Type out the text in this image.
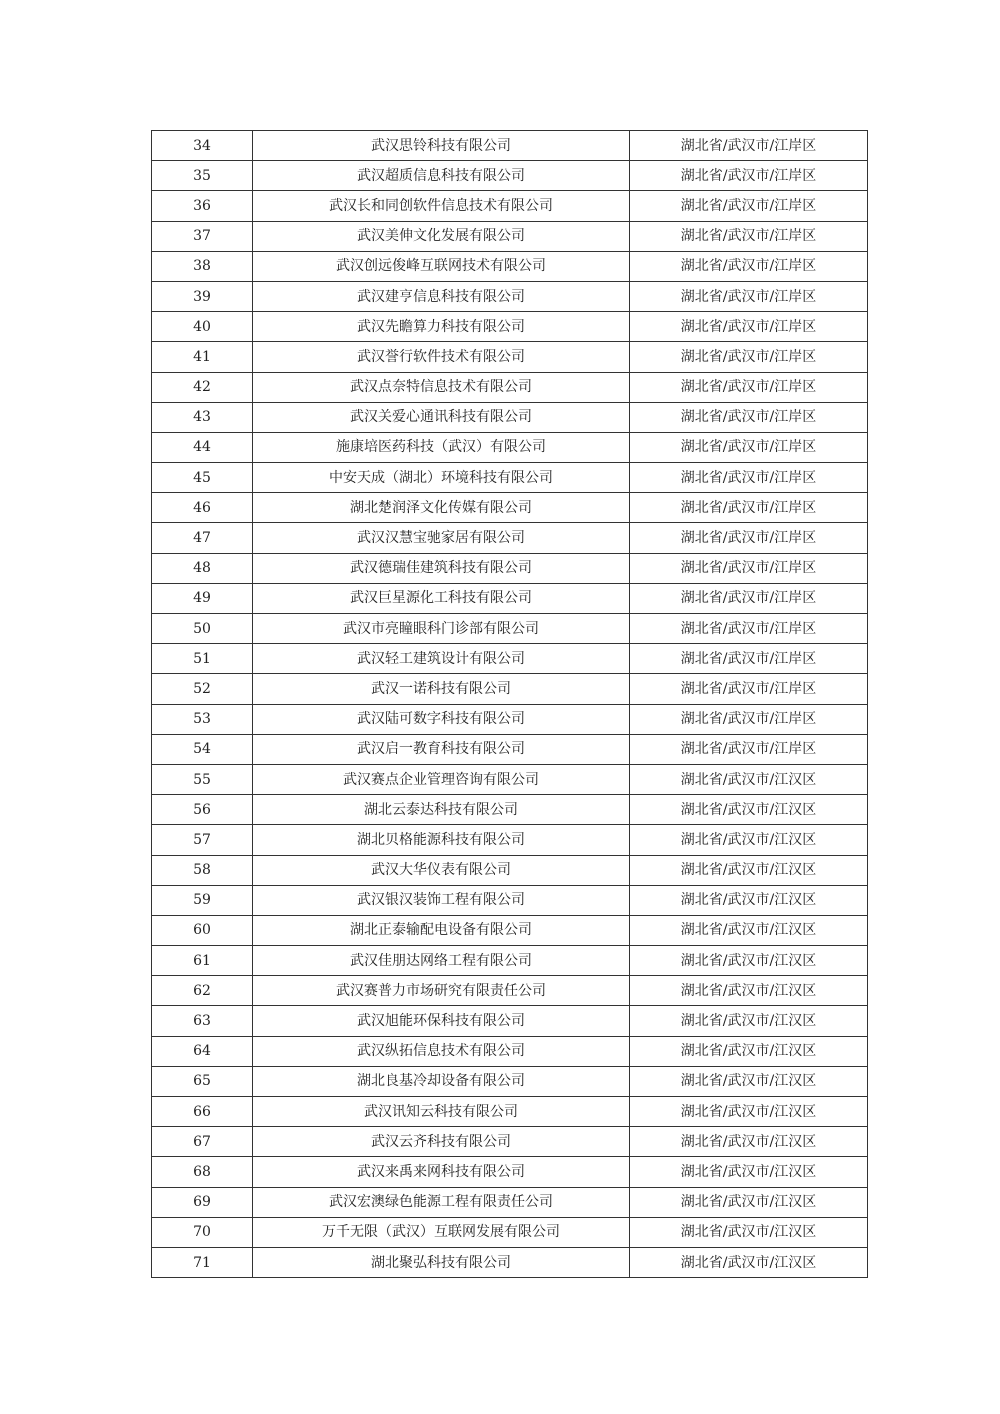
34	武汉思铃科技有限公司	湖北省/武汉市/江岸区
35	武汉超质信息科技有限公司	湖北省/武汉市/江岸区
36	武汉长和同创软件信息技术有限公司	湖北省/武汉市/江岸区
37	武汉美伸文化发展有限公司	湖北省/武汉市/江岸区
38	武汉创远俊峰互联网技术有限公司	湖北省/武汉市/江岸区
39	武汉建亨信息科技有限公司	湖北省/武汉市/江岸区
40	武汉先瞻算力科技有限公司	湖北省/武汉市/江岸区
41	武汉誉行软件技术有限公司	湖北省/武汉市/江岸区
42	武汉点奈特信息技术有限公司	湖北省/武汉市/江岸区
43	武汉关爱心通讯科技有限公司	湖北省/武汉市/江岸区
44	施康培医药科技（武汉）有限公司	湖北省/武汉市/江岸区
45	中安天成（湖北）环境科技有限公司	湖北省/武汉市/江岸区
46	湖北楚润泽文化传媒有限公司	湖北省/武汉市/江岸区
47	武汉汉慧宝驰家居有限公司	湖北省/武汉市/江岸区
48	武汉德瑞佳建筑科技有限公司	湖北省/武汉市/江岸区
49	武汉巨星源化工科技有限公司	湖北省/武汉市/江岸区
50	武汉市亮瞳眼科门诊部有限公司	湖北省/武汉市/江岸区
51	武汉轻工建筑设计有限公司	湖北省/武汉市/江岸区
52	武汉一诺科技有限公司	湖北省/武汉市/江岸区
53	武汉陆可数字科技有限公司	湖北省/武汉市/江岸区
54	武汉启一教育科技有限公司	湖北省/武汉市/江岸区
55	武汉赛点企业管理咨询有限公司	湖北省/武汉市/江汉区
56	湖北云泰达科技有限公司	湖北省/武汉市/江汉区
57	湖北贝格能源科技有限公司	湖北省/武汉市/江汉区
58	武汉大华仪表有限公司	湖北省/武汉市/江汉区
59	武汉银汉装饰工程有限公司	湖北省/武汉市/江汉区
60	湖北正泰输配电设备有限公司	湖北省/武汉市/江汉区
61	武汉佳朋达网络工程有限公司	湖北省/武汉市/江汉区
62	武汉赛普力市场研究有限责任公司	湖北省/武汉市/江汉区
63	武汉旭能环保科技有限公司	湖北省/武汉市/江汉区
64	武汉纵拓信息技术有限公司	湖北省/武汉市/江汉区
65	湖北良基冷却设备有限公司	湖北省/武汉市/江汉区
66	武汉讯知云科技有限公司	湖北省/武汉市/江汉区
67	武汉云齐科技有限公司	湖北省/武汉市/江汉区
68	武汉来禹来网科技有限公司	湖北省/武汉市/江汉区
69	武汉宏澳绿色能源工程有限责任公司	湖北省/武汉市/江汉区
70	万千无限（武汉）互联网发展有限公司	湖北省/武汉市/江汉区
71	湖北聚弘科技有限公司	湖北省/武汉市/江汉区
